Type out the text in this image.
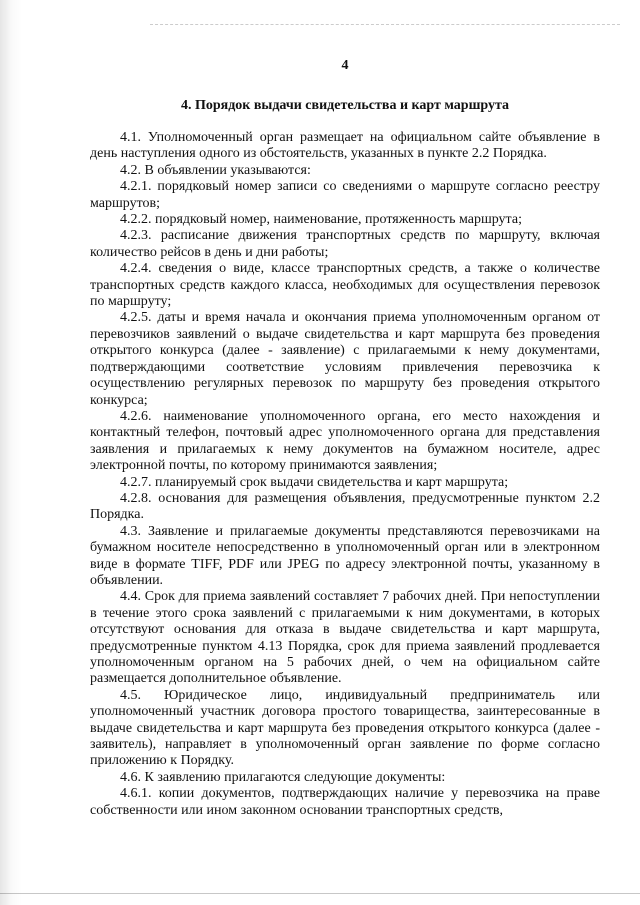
4
4. Порядок выдачи свидетельства и карт маршрута

4.1. Уполномоченный орган размещает на официальном сайте объявление в день наступления одного из обстоятельств, указанных в пункте 2.2 Порядка.

4.2. В объявлении указываются:

4.2.1. порядковый номер записи со сведениями о маршруте согласно реестру маршрутов;

4.2.2. порядковый номер, наименование, протяженность маршрута;

4.2.3. расписание движения транспортных средств по маршруту, включая количество рейсов в день и дни работы;

4.2.4. сведения о виде, классе транспортных средств, а также о количестве транспортных средств каждого класса, необходимых для осуществления перевозок по маршруту;

4.2.5. даты и время начала и окончания приема уполномоченным органом от перевозчиков заявлений о выдаче свидетельства и карт маршрута без проведения открытого конкурса (далее - заявление) с прилагаемыми к нему документами, подтверждающими соответствие условиям привлечения перевозчика к осуществлению регулярных перевозок по маршруту без проведения открытого конкурса;

4.2.6. наименование уполномоченного органа, его место нахождения и контактный телефон, почтовый адрес уполномоченного органа для представления заявления и прилагаемых к нему документов на бумажном носителе, адрес электронной почты, по которому принимаются заявления;

4.2.7. планируемый срок выдачи свидетельства и карт маршрута;

4.2.8. основания для размещения объявления, предусмотренные пунктом 2.2 Порядка.

4.3. Заявление и прилагаемые документы представляются перевозчиками на бумажном носителе непосредственно в уполномоченный орган или в электронном виде в формате TIFF, PDF или JPEG по адресу электронной почты, указанному в объявлении.

4.4. Срок для приема заявлений составляет 7 рабочих дней. При непоступлении в течение этого срока заявлений с прилагаемыми к ним документами, в которых отсутствуют основания для отказа в выдаче свидетельства и карт маршрута, предусмотренные пунктом 4.13 Порядка, срок для приема заявлений продлевается уполномоченным органом на 5 рабочих дней, о чем на официальном сайте размещается дополнительное объявление.

4.5. Юридическое лицо, индивидуальный предприниматель или уполномоченный участник договора простого товарищества, заинтересованные в выдаче свидетельства и карт маршрута без проведения открытого конкурса (далее - заявитель), направляет в уполномоченный орган заявление по форме согласно приложению к Порядку.

4.6. К заявлению прилагаются следующие документы:

4.6.1. копии документов, подтверждающих наличие у перевозчика на праве собственности или ином законном основании транспортных средств,
